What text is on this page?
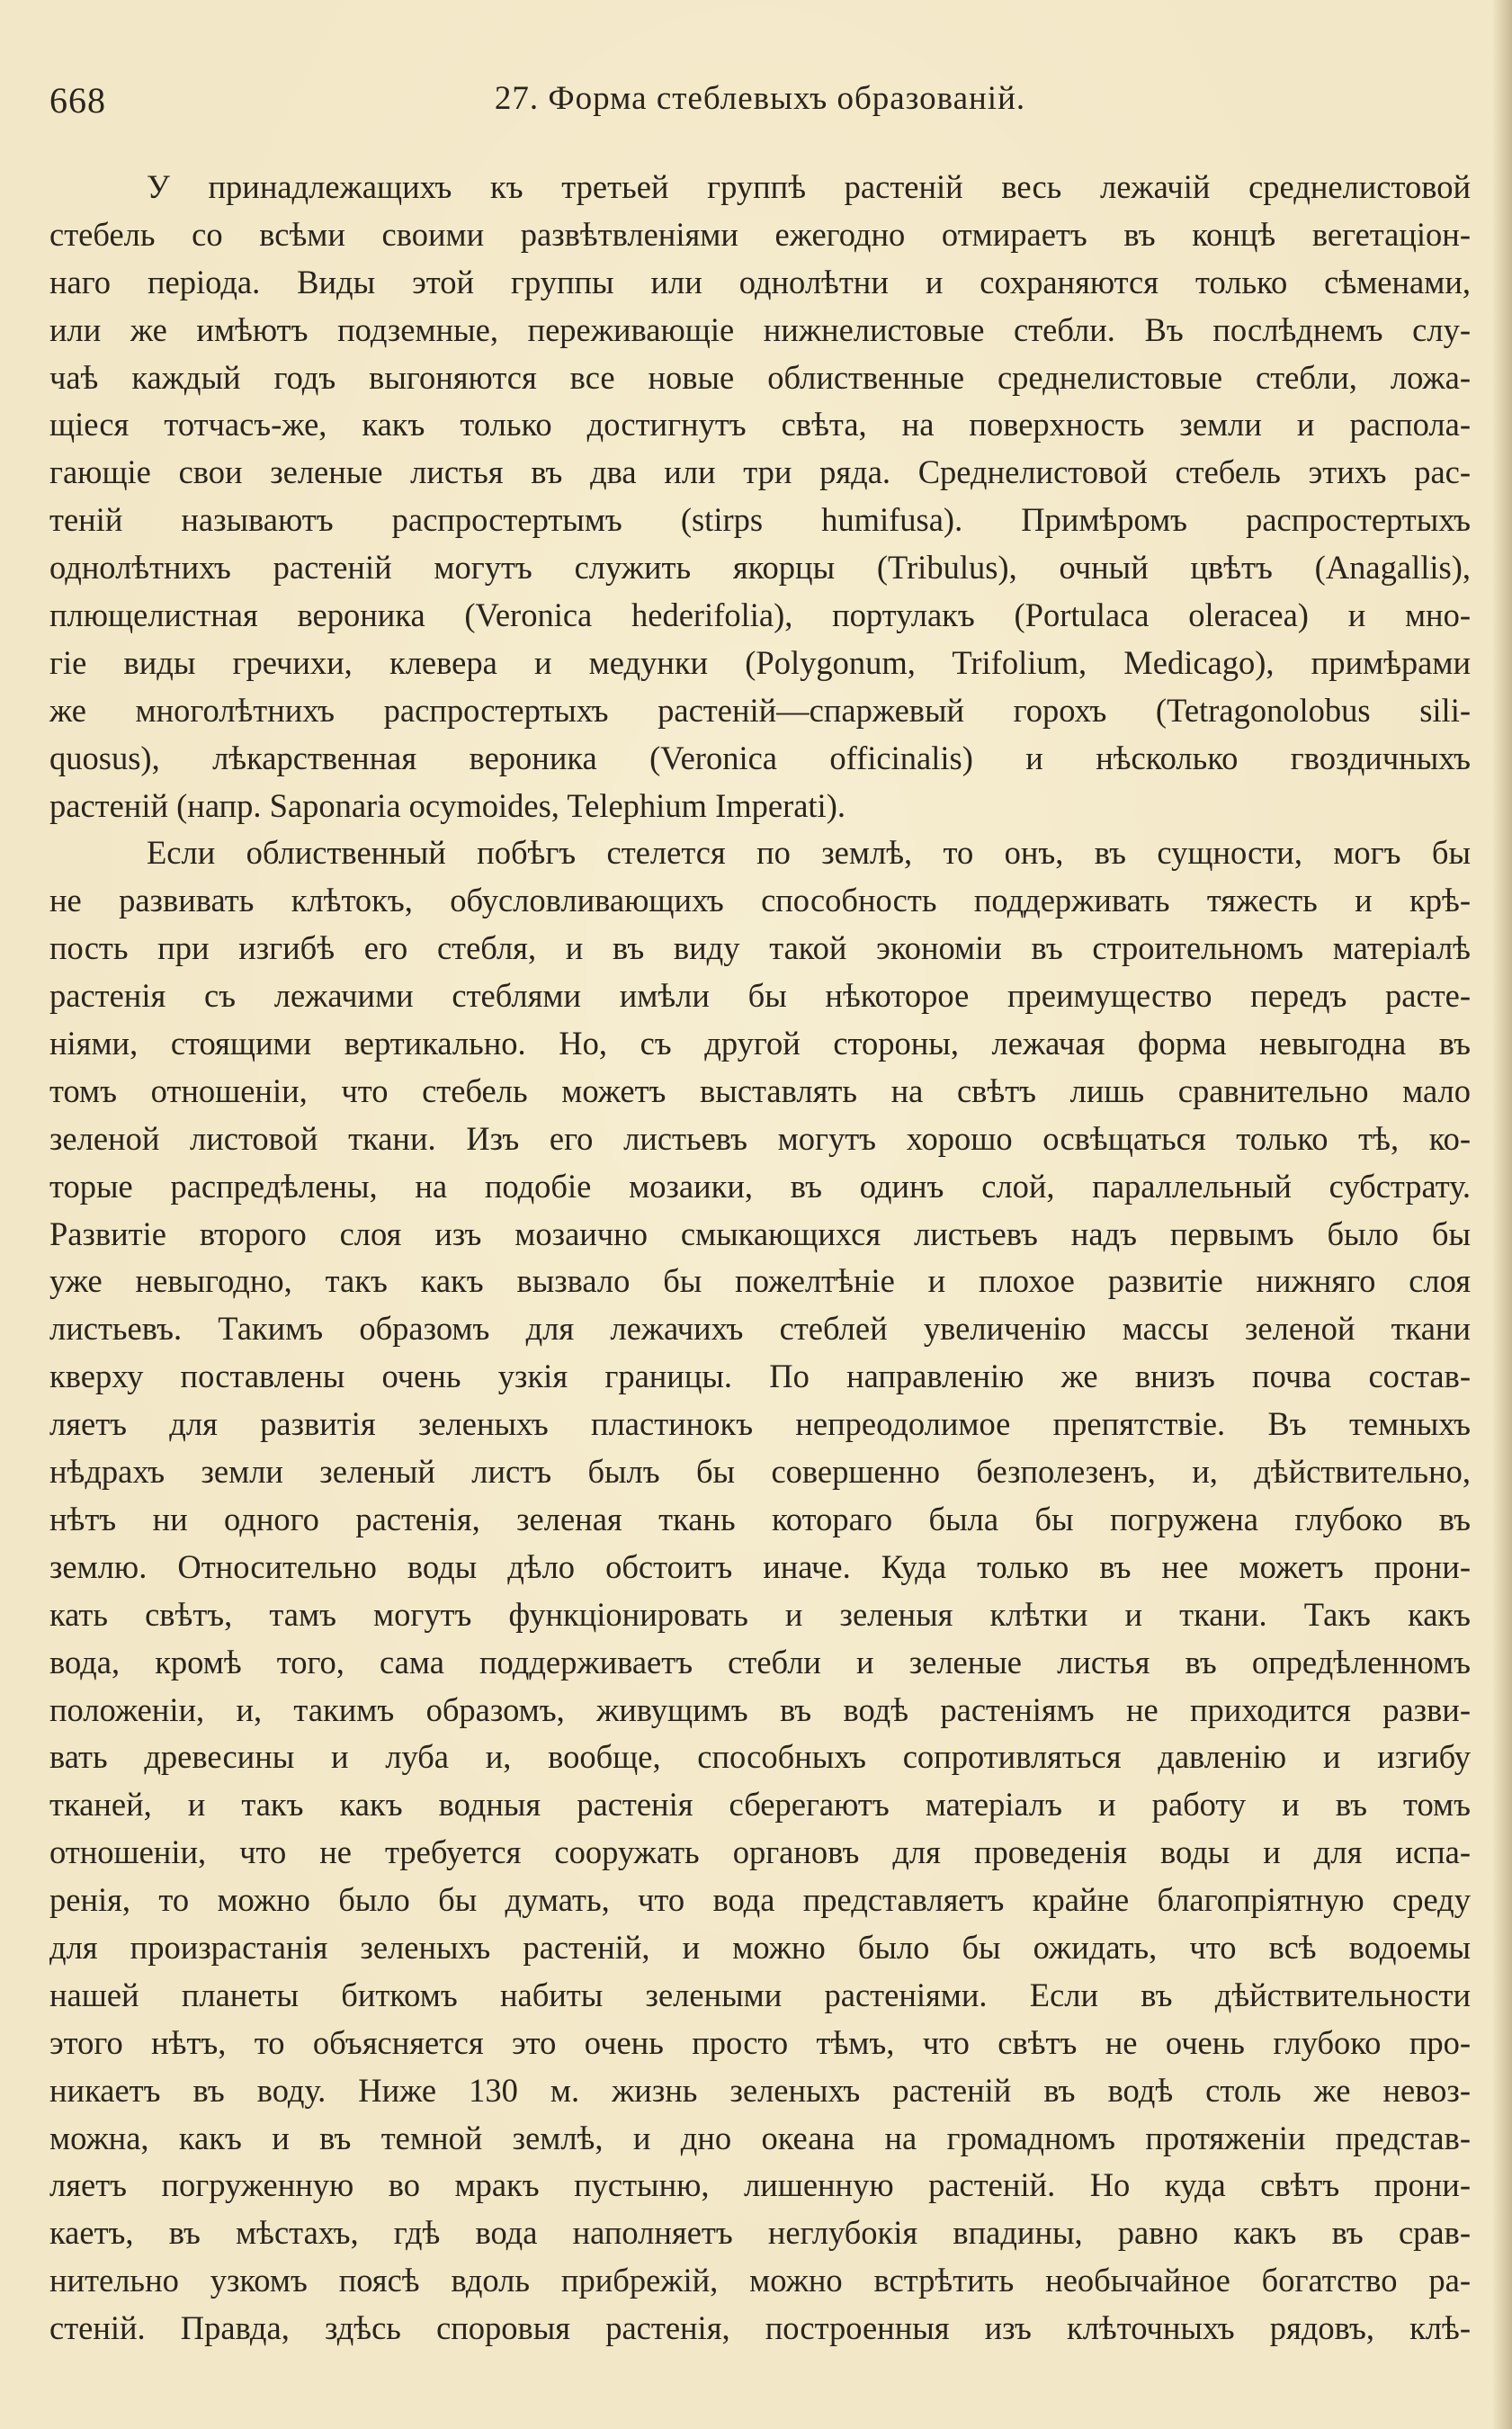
668	27. Форма стеблевыхъ образованій.
У принадлежащихъ къ третьей группѣ растеній весь лежачій среднелистовой
стебель со всѣми своими развѣтвленіями ежегодно отмираетъ въ концѣ вегетаціон-
наго періода. Виды этой группы или однолѣтни и сохраняются только сѣменами,
или же имѣютъ подземные, переживающіе нижнелистовые стебли. Въ послѣднемъ слу-
чаѣ каждый годъ выгоняются все новые облиственные среднелистовые стебли, ложа-
щіеся тотчасъ-же, какъ только достигнутъ свѣта, на поверхность земли и распола-
гающіе свои зеленые листья въ два или три ряда. Среднелистовой стебель этихъ рас-
теній называютъ распростертымъ (stirps humifusa). Примѣромъ распростертыхъ
однолѣтнихъ растеній могутъ служить якорцы (Tribulus), очный цвѣтъ (Anagallis),
плющелистная вероника (Veronica hederifolia), портулакъ (Portulaca oleracea) и мно-
гіе виды гречихи, клевера и медунки (Polygonum, Trifolium, Medicago), примѣрами
же многолѣтнихъ распростертыхъ растеній—спаржевый горохъ (Tetragonolobus sili-
quosus), лѣкарственная вероника (Veronica officinalis) и нѣсколько гвоздичныхъ
растеній (напр. Saponaria ocymoides, Telephium Imperati).
Если облиственный побѣгъ стелется по землѣ, то онъ, въ сущности, могъ бы
не развивать клѣтокъ, обусловливающихъ способность поддерживать тяжесть и крѣ-
пость при изгибѣ его стебля, и въ виду такой экономіи въ строительномъ матеріалѣ
растенія съ лежачими стеблями имѣли бы нѣкоторое преимущество передъ расте-
ніями, стоящими вертикально. Но, съ другой стороны, лежачая форма невыгодна въ
томъ отношеніи, что стебель можетъ выставлять на свѣтъ лишь сравнительно мало
зеленой листовой ткани. Изъ его листьевъ могутъ хорошо освѣщаться только тѣ, ко-
торые распредѣлены, на подобіе мозаики, въ одинъ слой, параллельный субстрату.
Развитіе второго слоя изъ мозаично смыкающихся листьевъ надъ первымъ было бы
уже невыгодно, такъ какъ вызвало бы пожелтѣніе и плохое развитіе нижняго слоя
листьевъ. Такимъ образомъ для лежачихъ стеблей увеличенію массы зеленой ткани
кверху поставлены очень узкія границы. По направленію же внизъ почва состав-
ляетъ для развитія зеленыхъ пластинокъ непреодолимое препятствіе. Въ темныхъ
нѣдрахъ земли зеленый листъ былъ бы совершенно безполезенъ, и, дѣйствительно,
нѣтъ ни одного растенія, зеленая ткань котораго была бы погружена глубоко въ
землю. Относительно воды дѣло обстоитъ иначе. Куда только въ нее можетъ прони-
кать свѣтъ, тамъ могутъ функціонировать и зеленыя клѣтки и ткани. Такъ какъ
вода, кромѣ того, сама поддерживаетъ стебли и зеленые листья въ опредѣленномъ
положеніи, и, такимъ образомъ, живущимъ въ водѣ растеніямъ не приходится разви-
вать древесины и луба и, вообще, способныхъ сопротивляться давленію и изгибу
тканей, и такъ какъ водныя растенія сберегаютъ матеріалъ и работу и въ томъ
отношеніи, что не требуется сооружать органовъ для проведенія воды и для испа-
ренія, то можно было бы думать, что вода представляетъ крайне благопріятную среду
для произрастанія зеленыхъ растеній, и можно было бы ожидать, что всѣ водоемы
нашей планеты биткомъ набиты зелеными растеніями. Если въ дѣйствительности
этого нѣтъ, то объясняется это очень просто тѣмъ, что свѣтъ не очень глубоко про-
никаетъ въ воду. Ниже 130 м. жизнь зеленыхъ растеній въ водѣ столь же невоз-
можна, какъ и въ темной землѣ, и дно океана на громадномъ протяженіи представ-
ляетъ погруженную во мракъ пустыню, лишенную растеній. Но куда свѣтъ прони-
каетъ, въ мѣстахъ, гдѣ вода наполняетъ неглубокія впадины, равно какъ въ срав-
нительно узкомъ поясѣ вдоль прибрежій, можно встрѣтить необычайное богатство ра-
стеній. Правда, здѣсь споровыя растенія, построенныя изъ клѣточныхъ рядовъ, клѣ-
